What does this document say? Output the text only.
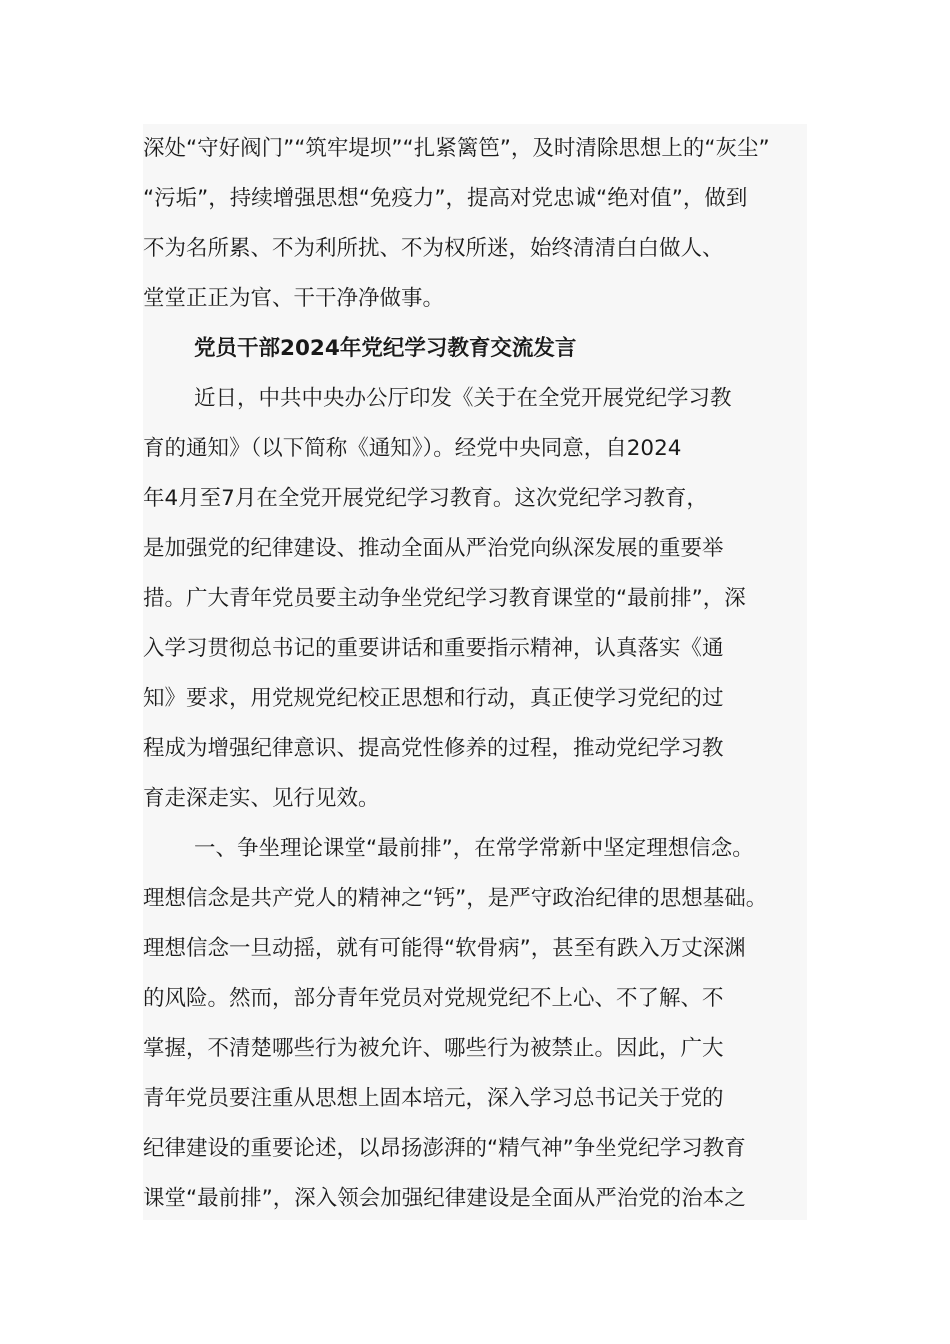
深处“守好阀门”“筑牢堤坝”“扎紧篱笆”，及时清除思想上的“灰尘”
“污垢”，持续增强思想“免疫力”，提高对党忠诚“绝对值”，做到
不为名所累、不为利所扰、不为权所迷，始终清清白白做人、
堂堂正正为官、干干净净做事。
党员干部2024年党纪学习教育交流发言
近日，中共中央办公厅印发《关于在全党开展党纪学习教
育的通知》（以下简称《通知》）。经党中央同意，自2024
年4月至7月在全党开展党纪学习教育。这次党纪学习教育，
是加强党的纪律建设、推动全面从严治党向纵深发展的重要举
措。广大青年党员要主动争坐党纪学习教育课堂的“最前排”，深
入学习贯彻总书记的重要讲话和重要指示精神，认真落实《通
知》要求，用党规党纪校正思想和行动，真正使学习党纪的过
程成为增强纪律意识、提高党性修养的过程，推动党纪学习教
育走深走实、见行见效。
一、争坐理论课堂“最前排”，在常学常新中坚定理想信念。
理想信念是共产党人的精神之“钙”，是严守政治纪律的思想基础。
理想信念一旦动摇，就有可能得“软骨病”，甚至有跌入万丈深渊
的风险。然而，部分青年党员对党规党纪不上心、不了解、不
掌握，不清楚哪些行为被允许、哪些行为被禁止。因此，广大
青年党员要注重从思想上固本培元，深入学习总书记关于党的
纪律建设的重要论述，以昂扬澎湃的“精气神”争坐党纪学习教育
课堂“最前排”，深入领会加强纪律建设是全面从严治党的治本之
